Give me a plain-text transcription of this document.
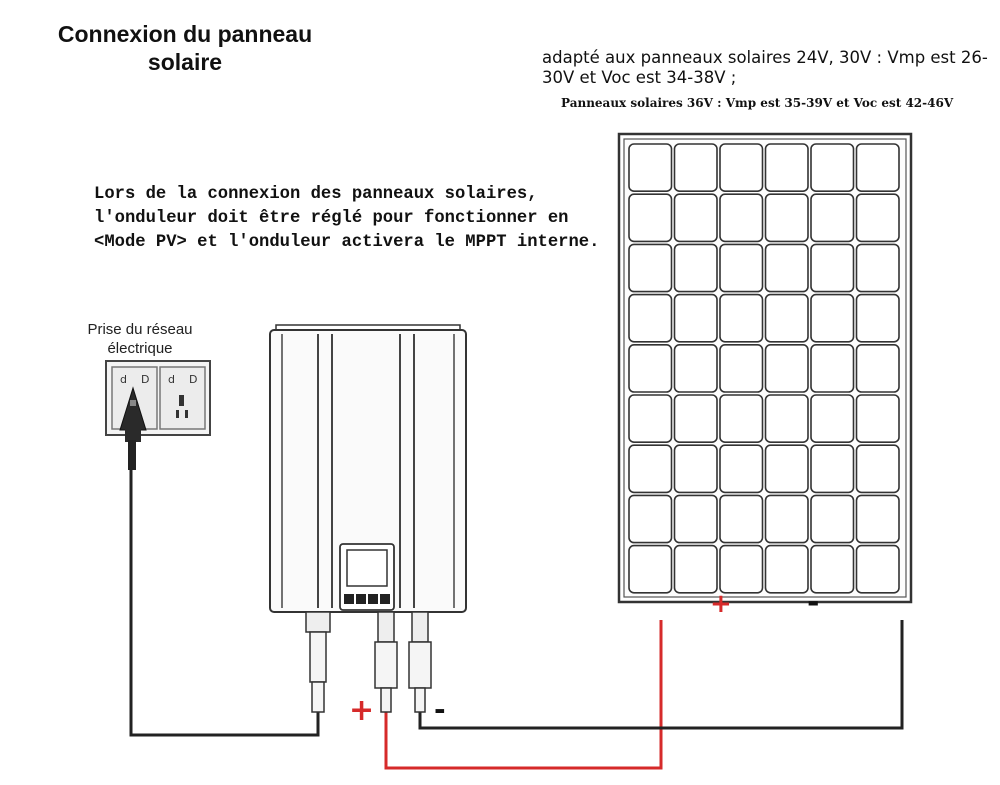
d D d D
Connexion du panneau solaire	adapté aux panneaux solaires 24V, 30V : Vmp est 26-30V et Voc est 34-38V ;
Panneaux solaires 36V : Vmp est 35-39V et Voc est 42-46V
Lors de la connexion des panneaux solaires, l'onduleur doit être réglé pour fonctionner en <Mode PV> et l'onduleur activera le MPPT interne.
Prise du réseau électrique
+	-
+ -
